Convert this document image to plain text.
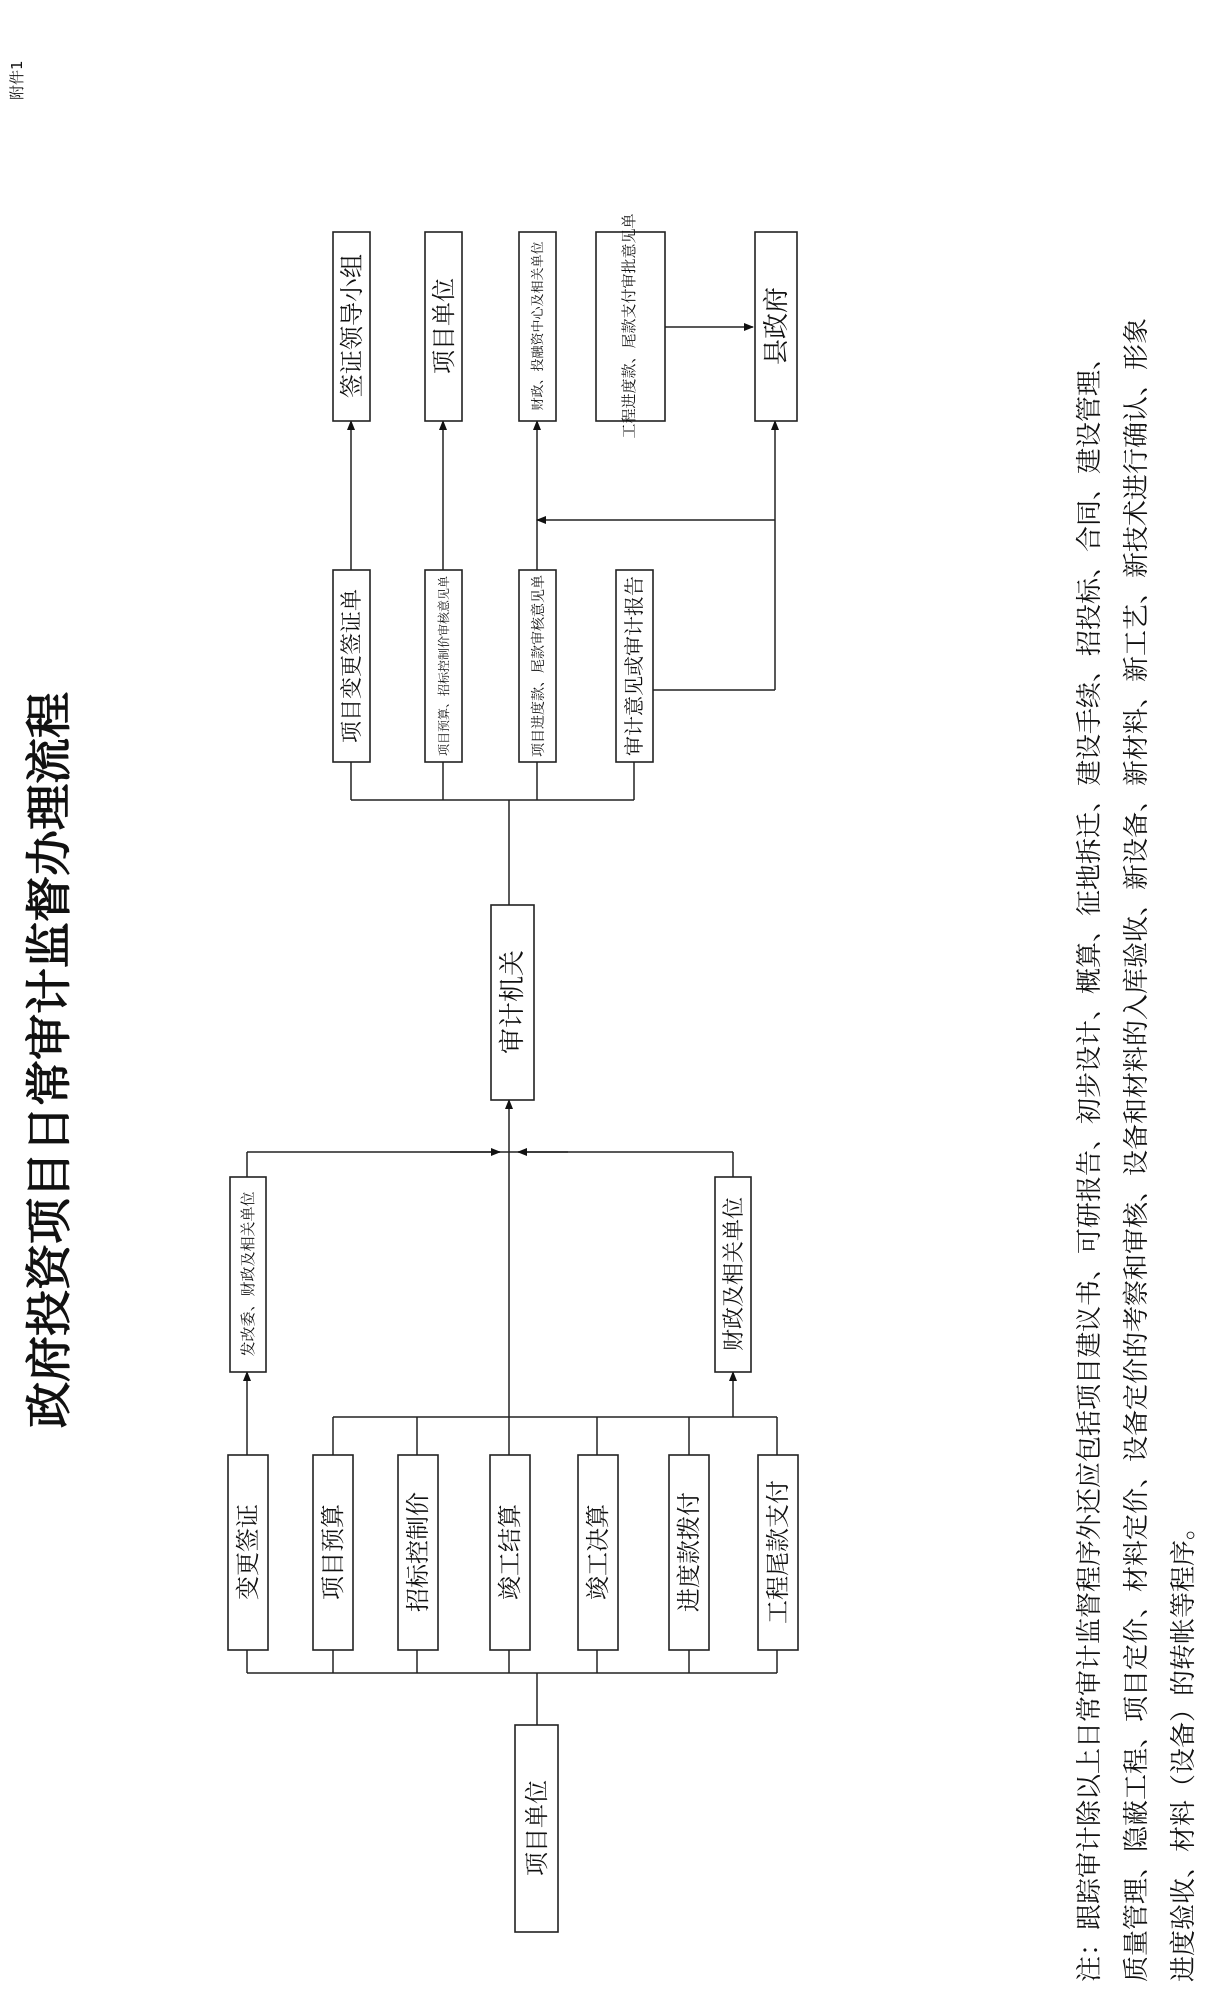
附件1
政府投资项目日常审计监督办理流程
项目单位
变更签证 项目预算 招标控制价	竣工结算	竣工决算	进度款拨付	工程尾款支付
发改委、财政及相关单位	财政及相关单位
审计机关
项目变更签证单	项目预算、招标控制价审核意见单	项目进度款、尾款审核意见单	审计意见或审计报告
签证领导小组	项目单位	财政、投融资中心及相关单位	工程进度款、尾款支付审批意见单	县政府
注：跟踪审计除以上日常审计监督程序外还应包括项目建议书、可研报告、初步设计、概算、征地拆迁、建设手续、招投标、合同、建设管理、 质量管理、隐蔽工程、项目定价、材料定价、设备定价的考察和审核、设备和材料的入库验收、新设备、新材料、新工艺、新技术进行确认、形象 进度验收、材料（设备）的转帐等程序。
